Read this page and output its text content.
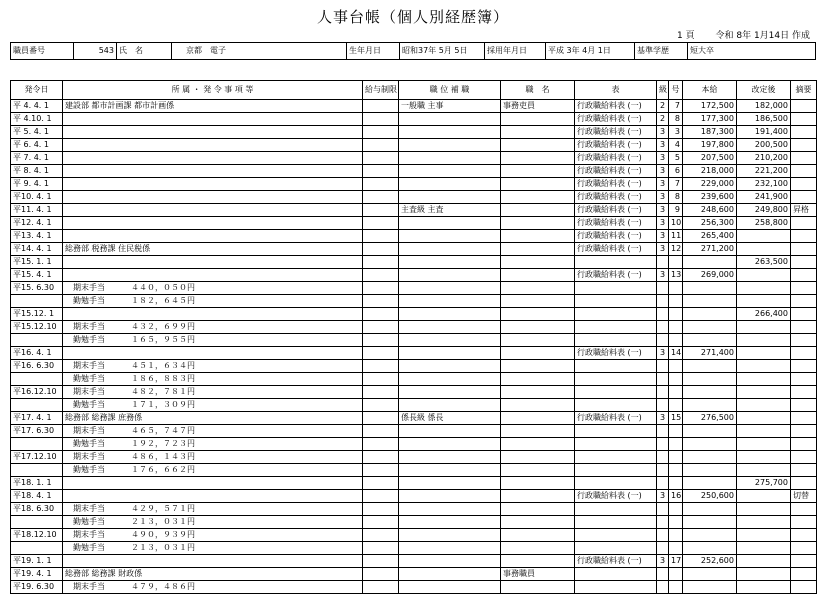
人事台帳（個人別経歴簿）
1 頁 令和 8年 1月14日 作成
職員番号	543	氏　名	京都　電子	生年月日	昭和37年 5月 5日	採用年月日	平成 3年 4月 1日	基準学歴	短大卒
発令日	所 属 ・ 発 令 事 項 等	給与制限	職 位 補 職	職　名	表	級	号	本給	改定後	摘要
平 4. 4. 1	建設部 都市計画課 都市計画係		一般職 主事	事務吏員	行政職給料表 (一)	2	7	172,500	182,000	
平 4.10. 1					行政職給料表 (一)	2	8	177,300	186,500	
平 5. 4. 1					行政職給料表 (一)	3	3	187,300	191,400	
平 6. 4. 1					行政職給料表 (一)	3	4	197,800	200,500	
平 7. 4. 1					行政職給料表 (一)	3	5	207,500	210,200	
平 8. 4. 1					行政職給料表 (一)	3	6	218,000	221,200	
平 9. 4. 1					行政職給料表 (一)	3	7	229,000	232,100	
平10. 4. 1					行政職給料表 (一)	3	8	239,600	241,900	
平11. 4. 1			主査級 主査		行政職給料表 (一)	3	9	248,600	249,800	昇格
平12. 4. 1					行政職給料表 (一)	3	10	256,300	258,800	
平13. 4. 1					行政職給料表 (一)	3	11	265,400		
平14. 4. 1	総務部 税務課 住民税係				行政職給料表 (一)	3	12	271,200		
平15. 1. 1									263,500	
平15. 4. 1					行政職給料表 (一)	3	13	269,000		
平15. 6.30	期末手当 ４４０，０５０円									
	勤勉手当 １８２，６４５円									
平15.12. 1									266,400	
平15.12.10	期末手当 ４３２，６９９円									
	勤勉手当 １６５，９５５円									
平16. 4. 1					行政職給料表 (一)	3	14	271,400		
平16. 6.30	期末手当 ４５１，６３４円									
	勤勉手当 １８６，８８３円									
平16.12.10	期末手当 ４８２，７８１円									
	勤勉手当 １７１，３０９円									
平17. 4. 1	総務部 総務課 庶務係		係長級 係長		行政職給料表 (一)	3	15	276,500		
平17. 6.30	期末手当 ４６５，７４７円									
	勤勉手当 １９２，７２３円									
平17.12.10	期末手当 ４８６，１４３円									
	勤勉手当 １７６，６６２円									
平18. 1. 1									275,700	
平18. 4. 1					行政職給料表 (一)	3	16	250,600		切替
平18. 6.30	期末手当 ４２９，５７１円									
	勤勉手当 ２１３，０３１円									
平18.12.10	期末手当 ４９０，９３９円									
	勤勉手当 ２１３，０３１円									
平19. 1. 1					行政職給料表 (一)	3	17	252,600		
平19. 4. 1	総務部 総務課 財政係			事務職員						
平19. 6.30	期末手当 ４７９，４８６円									
